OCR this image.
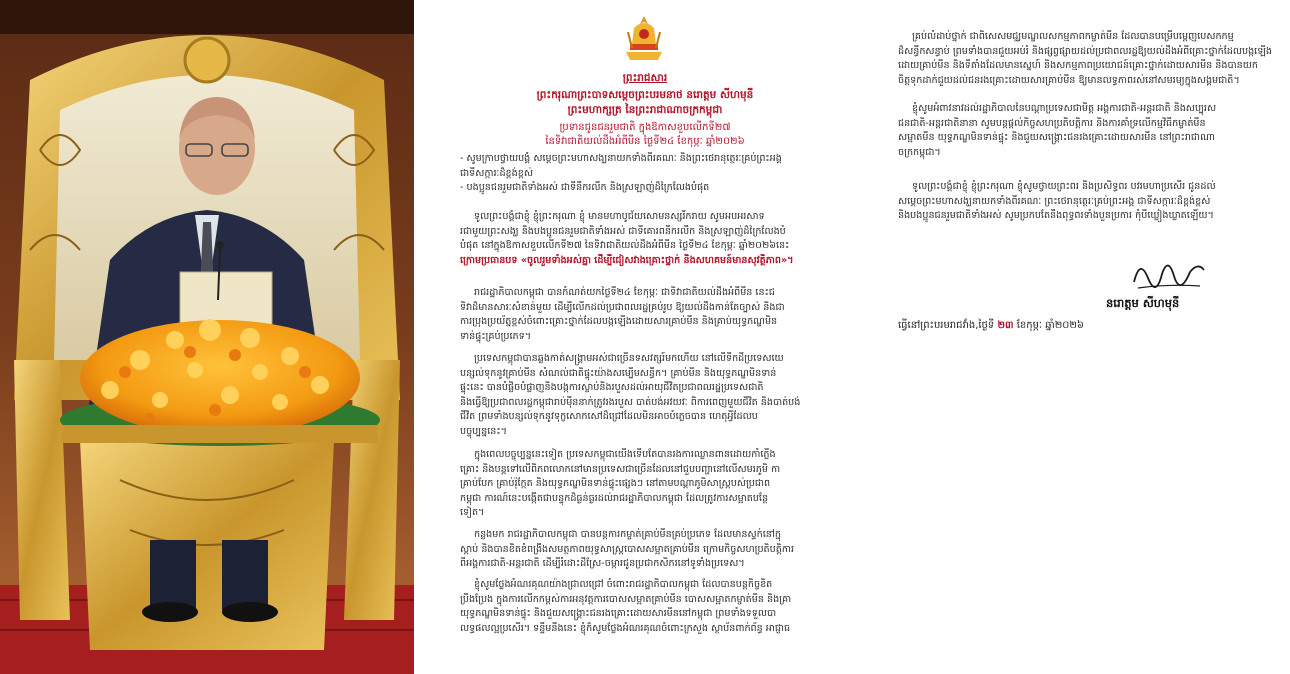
ព្រះរាជសារ
ព្រះករុណាព្រះបាទសម្តេចព្រះបរមនាថ នរោត្តម សីហមុនី
ព្រះមហាក្សត្រ នៃព្រះរាជាណាចក្រកម្ពុជា
ប្រទានជូនជនរួមជាតិ ក្នុងឱកាសខួបលើកទី២៧
នៃទិវាជាតិយល់ដឹងអំពីមីន ថ្ងៃទី២៤ ខែកុម្ភៈ ឆ្នាំ២០២៦
- សូមក្រាបថ្វាយបង្គំ សម្តេចព្រះមហាសង្ឃនាយកទាំងពីរគណៈ និងព្រះថេរានុត្ថេរៈគ្រប់ព្រះអង្គ
ជាទីសក្ការៈដ៏ខ្ពង់ខ្ពស់
- បងប្អូនជនរួមជាតិទាំងអស់ ជាទីនឹករលឹក និងស្រឡាញ់ដ៏ក្រៃលែងបំផុត
ទូលព្រះបង្គំជាខ្ញុំ ខ្ញុំព្រះករុណា ខ្ញុំ មានមហាបូជ័យសោមនស្សរីករាយ សូមអបអរសាទ
រជាមួយព្រះសង្ឃ និងបងប្អូនជនរួមជាតិទាំងអស់ ជាទីគោរពនឹករលឹក និងស្រឡាញ់ដ៏ក្រៃលែងបំ
បំផុត នៅក្នុងឱកាសខួបលើកទី២៧ នៃទិវាជាតិយល់ដឹងអំពីមីន ថ្ងៃទី២៤ ខែកុម្ភៈ ឆ្នាំ២០២៦នេះ
ក្រោមប្រធានបទ «ចូលរួមទាំងអស់គ្នា ដើម្បីជៀសវាងគ្រោះថ្នាក់ និងសហគមន៍មានសុវត្ថិភាព»។
រាជរដ្ឋាភិបាលកម្ពុជា បានកំណត់យកថ្ងៃទី២៤ ខែកុម្ភៈ ជាទិវាជាតិយល់ដឹងអំពីមីន នេះជ
ទិវាដ៏មានសារៈសំខាន់មួយ ដើម្បីលើកដល់ប្រជាពលរដ្ឋគ្រប់រូប ឱ្យយល់ដឹងកាន់តែច្បាស់ និងជា
ការប្រុងប្រយ័ត្នខ្ពស់ចំពោះគ្រោះថ្នាក់ដែលបង្កឡើងដោយសារគ្រាប់មីន និងគ្រាប់យុទ្ធភណ្ឌមិន
ទាន់ផ្ទុះគ្រប់ប្រភេទ។
ប្រទេសកម្ពុជាបានឆ្លងកាត់សង្គ្រាមអស់ជាច្រើនទសវត្សរ៍មកហើយ នៅលើទឹកដីប្រទេសយេ
បន្សល់ទុកនូវគ្រាប់មីន សំណល់ជាតិផ្ទុះយ៉ាងសម្បើមសន្ធឹក។ គ្រាប់មីន និងយុទ្ធភណ្ឌមិនទាន់
ផ្ទុះនេះ បានបំផ្លិចបំផ្លាញនិងបង្កការស្លាប់និងរបួសដល់អាយុជីវិតប្រជាពលរដ្ឋប្រទេសជាតិ
និងធ្វើឱ្យប្រជាពលរដ្ឋកម្ពុជារាប់ម៉ឺននាក់ត្រូវរងរបួស បាត់បង់អវយវៈ ពិការពេញមួយជីវិត និងបាត់បង់
ជីវិត ព្រមទាំងបន្សល់ទុកនូវទុក្ខសោកសៅដ៏ជ្រៅដែលមិនអាចបំភ្លេចបាន ហេតុអ្វីដែលប
បច្ចុប្បន្ននេះ។
ក្នុងពេលបច្ចុប្បន្ននេះទៀត ប្រទេសកម្ពុជាយើងទើបតែបានរងការឈ្លានពានដោយកាំភ្លើង
គ្រោះ និងបន្តទៅលើពិភពលោកនៅមានប្រទេសជាច្រើនដែលនៅជួបបញ្ហានៅលើសមរភូមិ កា
គ្រាប់បែក គ្រាប់រ៉ុក្កែត និងយុទ្ធភណ្ឌមិនទាន់ផ្ទុះផ្សេងៗ នៅតាមបណ្តាភូមិសាស្ត្របស់ប្រជាព
កម្ពុជា ការណ៍នេះបង្កើតជាបន្ទុកដ៏ធ្ងន់ធ្ងរដល់រាជរដ្ឋាភិបាលកម្ពុជា ដែលត្រូវការសម្អាតបន្ថែ
ទៀត។
កន្លងមក រាជរដ្ឋាភិបាលកម្ពុជា បានបន្តការកម្ចាត់គ្រាប់មីនគ្រប់ប្រភេទ ដែលមានស្ទក់នៅក្នុ
ស្ដាប់ និងបានខិតខំពង្រឹងសមត្ថភាពយុទ្ធសាស្ត្របោសសម្អាតគ្រាប់មីន ក្រោមកិច្ចសហប្រតិបត្តិការ
ពីអង្គការជាតិ-អន្តរជាតិ ដើម្បីរំដោះដីស្រែ-ចម្ការជូនប្រជាកសិករនៅទូទាំងប្រទេស។
ខ្ញុំសូមថ្លែងអំណរគុណយ៉ាងជ្រាលជ្រៅ ចំពោះរាជរដ្ឋាភិបាលកម្ពុជា ដែលបានបន្តកិច្ចខិត
ប្រឹងប្រែង ក្នុងការលើកកម្ពស់ការអនុវត្តការបោសសម្អាតគ្រាប់មីន បោសសម្អាតកម្ចាត់មីន និងគ្រា
យុទ្ធភណ្ឌមិនទាន់ផ្ទុះ និងជួយសង្គ្រោះជនរងគ្រោះដោយសារមីននៅកម្ពុជា ព្រមទាំងទទួលបា
លទ្ធផលល្អប្រសើរ។ ទន្ទឹមនឹងនេះ ខ្ញុំក៏សូមថ្លែងអំណរគុណចំពោះក្រសួង ស្ថាប័នពាក់ព័ន្ធ អាជ្ញាធ
គ្រប់លំដាប់ថ្នាក់ ជាពិសេសមជ្ឈមណ្ឌលសកម្មភាពកម្ចាត់មីន ដែលបានបម្រើបម្ពេញបេសកកម្ម
ដ៏សន្ធឹកសន្ធាប់ ព្រមទាំងបានជួយអប់រំ និងផ្សព្វផ្សាយដល់ប្រជាពលរដ្ឋឱ្យយល់ដឹងអំពីគ្រោះថ្នាក់ដែលបង្កឡើង
ដោយគ្រាប់មីន និងទីតាំងដែលមានស្នេហ៍ និងសកម្មភាពប្រយោជន៍គ្រោះថ្នាក់ដោយសារមីន និងបានយក
ចិត្តទុកដាក់ជួយដល់ជនរងគ្រោះដោយសារគ្រាប់មីន ឱ្យមានលទ្ធភាពរស់នៅសមរម្យក្នុងសង្គមជាតិ។
ខ្ញុំសូមអំពាវនាវដល់រដ្ឋាភិបាលនៃបណ្តាប្រទេសជាមិត្ត អង្គការជាតិ-អន្តរជាតិ និងសប្បុរស
ជនជាតិ-អន្តរជាតិនានា សូមបន្តផ្តល់កិច្ចសហប្រតិបត្តិការ និងការគាំទ្រលើកម្មវិធីកម្ចាត់មីន
សម្អាតមីន យុទ្ធភណ្ឌមិនទាន់ផ្ទុះ និងជួយសង្គ្រោះជនរងគ្រោះដោយសារមីន នៅព្រះរាជាណា
ចក្រកម្ពុជា។
ទូលព្រះបង្គំជាខ្ញុំ ខ្ញុំព្រះករុណា ខ្ញុំសូមថ្វាយព្រះពរ និងប្រសិទ្ធពរ បវរមហាប្រសើរ ជូនដល់
សម្តេចព្រះមហាសង្ឃនាយកទាំងពីរគណៈ ព្រះថេរានុត្ថេរៈគ្រប់ព្រះអង្គ ជាទីសក្ការៈដ៏ខ្ពង់ខ្ពស់
និងបងប្អូនជនរួមជាតិទាំងអស់ សូមប្រកបតែនឹងពុទ្ធពរទាំងបួនប្រការ កុំបីឃ្លៀងឃ្លាតឡើយ។
នរោត្តម សីហមុនី
ធ្វើនៅព្រះបរមរាជវាំង,ថ្ងៃទី ២៣ ខែកុម្ភៈ ឆ្នាំ២០២៦
